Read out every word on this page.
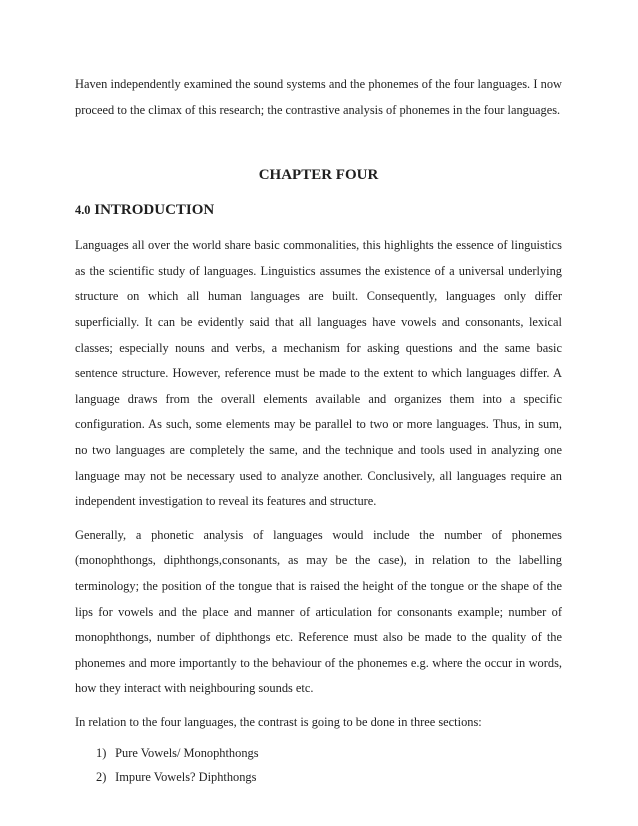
Haven independently examined the sound systems and the phonemes of the four languages. I now proceed to the climax of this research; the contrastive analysis of phonemes in the four languages.

CHAPTER FOUR
4.0 INTRODUCTION

Languages all over the world share basic commonalities, this highlights the essence of linguistics as the scientific study of languages. Linguistics assumes the existence of a universal underlying structure on which all human languages are built. Consequently, languages only differ superficially. It can be evidently said that all languages have vowels and consonants, lexical classes; especially nouns and verbs, a mechanism for asking questions and the same basic sentence structure. However, reference must be made to the extent to which languages differ. A language draws from the overall elements available and organizes them into a specific configuration. As such, some elements may be parallel to two or more languages. Thus, in sum, no two languages are completely the same, and the technique and tools used in analyzing one language may not be necessary used to analyze another. Conclusively, all languages require an independent investigation to reveal its features and structure.

Generally, a phonetic analysis of languages would include the number of phonemes (monophthongs, diphthongs,consonants, as may be the case), in relation to the labelling terminology; the position of the tongue that is raised the height of the tongue or the shape of the lips for vowels and the place and manner of articulation for consonants example; number of monophthongs, number of diphthongs etc. Reference must also be made to the quality of the phonemes and more importantly to the behaviour of the phonemes e.g. where the occur in words, how they interact with neighbouring sounds etc.

In relation to the four languages, the contrast is going to be done in three sections:

1) Pure Vowels/ Monophthongs
2) Impure Vowels? Diphthongs
